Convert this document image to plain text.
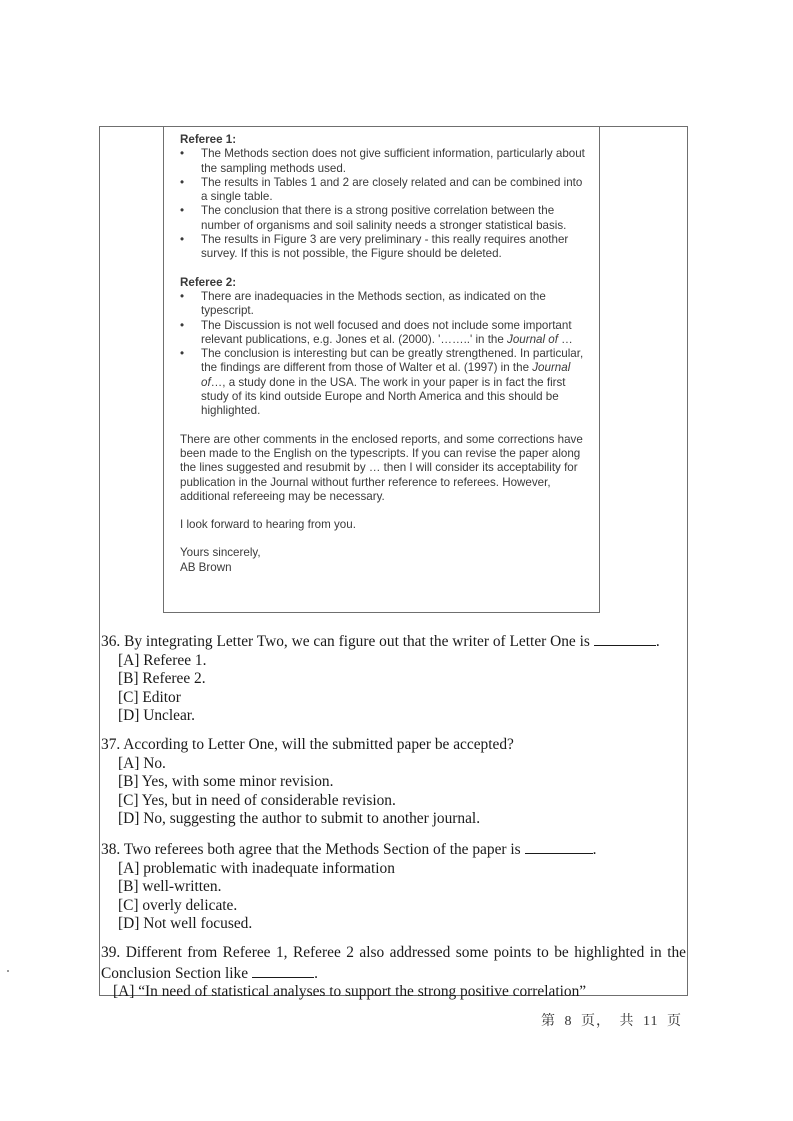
Referee 1:

• The Methods section does not give sufficient information, particularly about the sampling methods used.
• The results in Tables 1 and 2 are closely related and can be combined into a single table.
• The conclusion that there is a strong positive correlation between the number of organisms and soil salinity needs a stronger statistical basis.
• The results in Figure 3 are very preliminary - this really requires another survey. If this is not possible, the Figure should be deleted.

Referee 2:

• There are inadequacies in the Methods section, as indicated on the typescript.
• The Discussion is not well focused and does not include some important relevant publications, e.g. Jones et al. (2000). '……..' in the Journal of …
• The conclusion is interesting but can be greatly strengthened. In particular, the findings are different from those of Walter et al. (1997) in the Journal of…, a study done in the USA. The work in your paper is in fact the first study of its kind outside Europe and North America and this should be highlighted.

There are other comments in the enclosed reports, and some corrections have been made to the English on the typescripts. If you can revise the paper along the lines suggested and resubmit by … then I will consider its acceptability for publication in the Journal without further reference to referees. However, additional refereeing may be necessary.

I look forward to hearing from you.

Yours sincerely,

AB Brown

36. By integrating Letter Two, we can figure out that the writer of Letter One is	.
[A] Referee 1.
[B] Referee 2.
[C] Editor
[D] Unclear.
37. According to Letter One, will the submitted paper be accepted?
[A] No.
[B] Yes, with some minor revision.
[C] Yes, but in need of considerable revision.
[D] No, suggesting the author to submit to another journal.
38. Two referees both agree that the Methods Section of the paper is	.
[A] problematic with inadequate information
[B] well-written.
[C] overly delicate.
[D] Not well focused.
39. Different from Referee 1, Referee 2 also addressed some points to be highlighted in the Conclusion Section like	.
[A] “In need of statistical analyses to support the strong positive correlation”
第 8 页， 共 11 页
